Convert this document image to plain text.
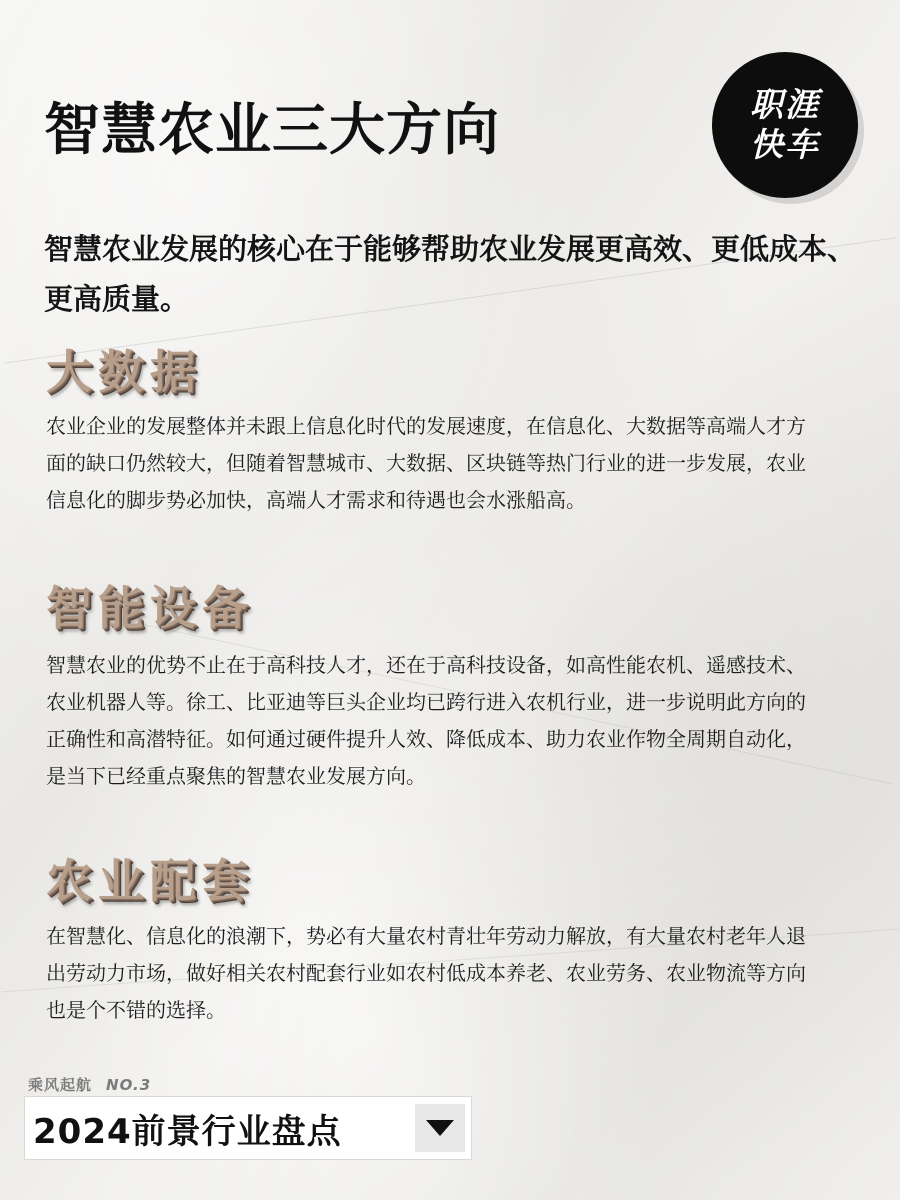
智慧农业三大方向	职涯
快车

智慧农业发展的核心在于能够帮助农业发展更高效、更低成本、更高质量。

大数据

农业企业的发展整体并未跟上信息化时代的发展速度，在信息化、大数据等高端人才方面的缺口仍然较大，但随着智慧城市、大数据、区块链等热门行业的进一步发展，农业信息化的脚步势必加快，高端人才需求和待遇也会水涨船高。

智能设备

智慧农业的优势不止在于高科技人才，还在于高科技设备，如高性能农机、遥感技术、农业机器人等。徐工、比亚迪等巨头企业均已跨行进入农机行业，进一步说明此方向的正确性和高潜特征。如何通过硬件提升人效、降低成本、助力农业作物全周期自动化，是当下已经重点聚焦的智慧农业发展方向。

农业配套

在智慧化、信息化的浪潮下，势必有大量农村青壮年劳动力解放，有大量农村老年人退出劳动力市场，做好相关农村配套行业如农村低成本养老、农业劳务、农业物流等方向也是个不错的选择。

乘风起航 NO.3
2024前景行业盘点
